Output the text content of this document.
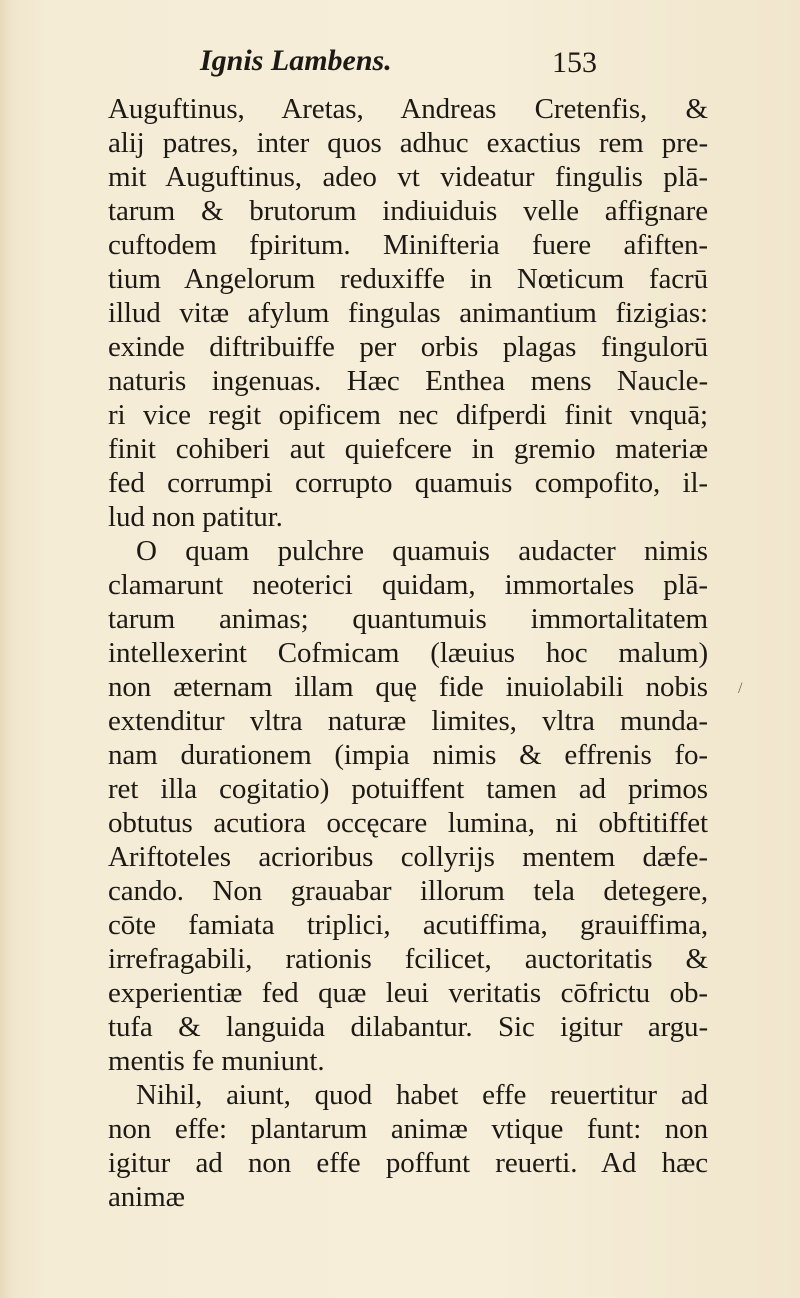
Ignis Lambens.	153
Auguftinus, Aretas, Andreas Cretenfis, &
alij patres, inter quos adhuc exactius rem pre-
mit Auguftinus, adeo vt videatur fingulis plā-
tarum & brutorum indiuiduis velle affignare
cuftodem fpiritum. Minifteria fuere afiften-
tium Angelorum reduxiffe in Nœticum facrū
illud vitæ afylum fingulas animantium fizigias:
exinde diftribuiffe per orbis plagas fingulorū
naturis ingenuas. Hæc Enthea mens Naucle-
ri vice regit opificem nec difperdi finit vnquā;
finit cohiberi aut quiefcere in gremio materiæ
fed corrumpi corrupto quamuis compofito, il-
lud non patitur.
O quam pulchre quamuis audacter nimis
clamarunt neoterici quidam, immortales plā-
tarum animas; quantumuis immortalitatem
intellexerint Cofmicam (læuius hoc malum)
non æternam illam quę fide inuiolabili nobis
extenditur vltra naturæ limites, vltra munda-
nam durationem (impia nimis & effrenis fo-
ret illa cogitatio) potuiffent tamen ad primos
obtutus acutiora occęcare lumina, ni obftitiffet
Ariftoteles acrioribus collyrijs mentem dæfe-
cando. Non grauabar illorum tela detegere,
cōte famiata triplici, acutiffima, grauiffima,
irrefragabili, rationis fcilicet, auctoritatis &
experientiæ fed quæ leui veritatis cōfrictu ob-
tufa & languida dilabantur. Sic igitur argu-
mentis fe muniunt.
Nihil, aiunt, quod habet effe reuertitur ad
non effe: plantarum animæ vtique funt: non
igitur ad non effe poffunt reuerti. Ad hæc
animæ
/
